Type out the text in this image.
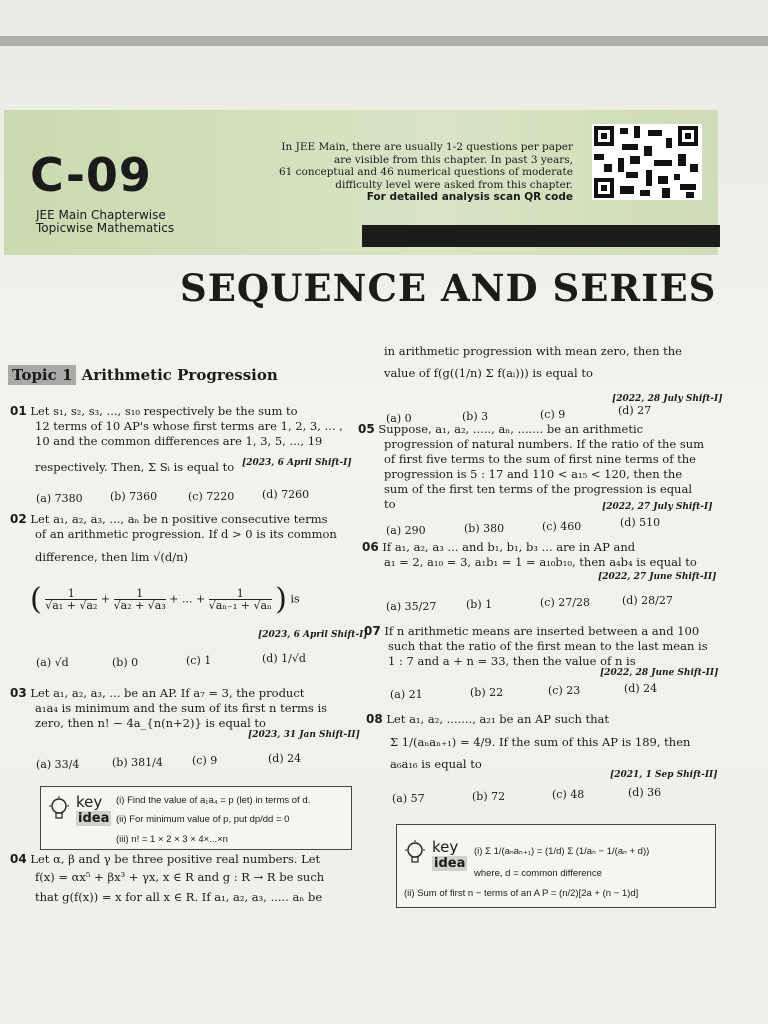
C-09
JEE Main Chapterwise
Topicwise Mathematics
In JEE Main, there are usually 1-2 questions per paper
are visible from this chapter. In past 3 years,
61 conceptual and 46 numerical questions of moderate
difficulty level were asked from this chapter.
For detailed analysis scan QR code
SEQUENCE AND SERIES
Topic 1 Arithmetic Progression
01 Let s₁, s₂, s₃, ..., s₁₀ respectively be the sum to
12 terms of 10 AP's whose first terms are 1, 2, 3, ... ,
10 and the common differences are 1, 3, 5, ..., 19
respectively. Then, Σ Sᵢ is equal to [2023, 6 April Shift-I]
(a) 7380 (b) 7360	(c) 7220	(d) 7260
02 Let a₁, a₂, a₃, ..., aₙ be n positive consecutive terms
of an arithmetic progression. If d > 0 is its common
difference, then lim √(d/n)
( $\frac{1}{\text{√a₁ + √a₂}} + \frac{1}{\text{√a₂ + √a₃}}$ + ... + $\frac{1}{\text{√aₙ₋₁ + √aₙ}}$ ) is
[2023, 6 April Shift-I]
(a) √d	(b) 0	(c) 1	(d) 1/√d
03 Let a₁, a₂, a₃, ... be an AP. If a₇ = 3, the product
a₁a₄ is minimum and the sum of its first n terms is
zero, then n! − 4a_{n(n+2)} is equal to
[2023, 31 Jan Shift-II]
(a) 33/4	(b) 381/4	(c) 9	(d) 24
key
idea
(i) Find the value of a₁a₄ = p (let) in terms of d.
(ii) For minimum value of p, put dp/dd = 0
(iii) n! = 1 × 2 × 3 × 4×...×n
04 Let α, β and γ be three positive real numbers. Let
f(x) = αx⁵ + βx³ + γx, x ∈ R and g : R → R be such
that g(f(x)) = x for all x ∈ R. If a₁, a₂, a₃, ..... aₙ be
in arithmetic progression with mean zero, then the
value of f(g((1/n) Σ f(aᵢ))) is equal to
[2022, 28 July Shift-I]
(a) 0	(b) 3	(c) 9	(d) 27
05 Suppose, a₁, a₂, ....., aₙ, ....... be an arithmetic
progression of natural numbers. If the ratio of the sum
of first five terms to the sum of first nine terms of the
progression is 5 : 17 and 110 < a₁₅ < 120, then the
sum of the first ten terms of the progression is equal
to	[2022, 27 July Shift-I]
(a) 290	(b) 380	(c) 460	(d) 510
06 If a₁, a₂, a₃ ... and b₁, b₁, b₃ ... are in AP and
a₁ = 2, a₁₀ = 3, a₁b₁ = 1 = a₁₀b₁₀, then a₄b₄ is equal to
[2022, 27 June Shift-II]
(a) 35/27	(b) 1	(c) 27/28	(d) 28/27
07 If n arithmetic means are inserted between a and 100
such that the ratio of the first mean to the last mean is
1 : 7 and a + n = 33, then the value of n is
[2022, 28 June Shift-II]
(a) 21	(b) 22	(c) 23	(d) 24
08 Let a₁, a₂, ......., a₂₁ be an AP such that
Σ 1/(aₙaₙ₊₁) = 4/9. If the sum of this AP is 189, then
a₆a₁₆ is equal to
[2021, 1 Sep Shift-II]
(a) 57	(b) 72	(c) 48	(d) 36
key
idea
(i) Σ 1/(aₙaₙ₊₁) = (1/d) Σ (1/aₙ − 1/(aₙ + d))
where, d = common difference
(ii) Sum of first n − terms of an A P = (n/2)[2a + (n − 1)d]
